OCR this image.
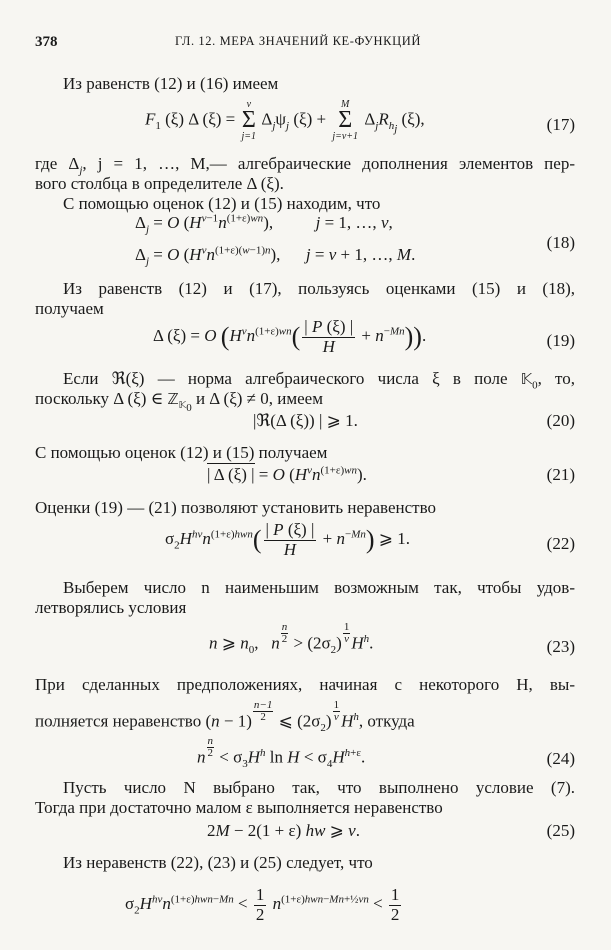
378	ГЛ. 12. МЕРА ЗНАЧЕНИЙ КЕ-ФУНКЦИЙ
Из равенств (12) и (16) имеем
$F_1$ (ξ) Δ (ξ) =
v
Σ
j=1
$\Delta_j\psi_j$ (ξ) +
M
Σ
j=v+1
$\Delta_jR_{h_j}$ (ξ),	(17)
где $\Delta_j$, j = 1, …, M,— алгебраические дополнения элементов пер-
вого столбца в определителе Δ (ξ).
С помощью оценок (12) и (15) находим, что
$\Delta_j = O$ $(H^{v-1}n^{(1+\varepsilon)wn})$,          j = 1, …, v,
$\Delta_j = O$ $(H^vn^{(1+\varepsilon)(w-1)n})$,      j = v + 1, …, M.
(18)
Из равенств (12) и (17), пользуясь оценками (15) и (18),
получаем
Δ (ξ) = O $(H^vn^{(1+\varepsilon)wn}( \frac{| P (\xi) |}{H} + n^{-Mn}))$.	(19)
Если ℜ(ξ) — норма алгебраического числа ξ в поле 𝕂$_0$, то,
поскольку Δ (ξ) ∈ ℤ$_{𝕂_0}$ и Δ (ξ) ≠ 0, имеем
|ℜ(Δ (ξ)) | ⩾ 1.	(20)
С помощью оценок (12) и (15) получаем
| Δ (ξ) | = O $(H^vn^{(1+\varepsilon)wn})$.	(21)
Оценки (19) — (21) позволяют установить неравенство
$\sigma_2H^{hv}n^{(1+\varepsilon)hwn}( \frac{| P (\xi) |}{H} + n^{-Mn})$ ⩾ 1.	(22)
Выберем число n наименьшим возможным так, чтобы удов-
летворялись условия
n ⩾ $n_0$,   n $\frac{n}{2} > (2\sigma_2) \frac{1}{v} H^h$.	(23)
При сделанных предположениях, начиная с некоторого H, вы-
полняется неравенство $(n - 1) \frac{n-1}{2}$ ⩽ $(2\sigma_2) \frac{1}{v} H^h$, откуда
n $\frac{n}{2} < \sigma_3H^h$ $\ln H < \sigma_4H^{h+\varepsilon}$.	(24)
Пусть число N выбрано так, что выполнено условие (7).
Тогда при достаточно малом ε выполняется неравенство
2M − 2(1 + ε) hw ⩾ v.	(25)
Из неравенств (22), (23) и (25) следует, что
$\sigma_2H^{hv}n^{(1+\varepsilon)hwn-Mn} < \frac{1}{2} n^{(1+\varepsilon)hwn-Mn+\frac{1}{2}vn} < \frac{1}{2}$
